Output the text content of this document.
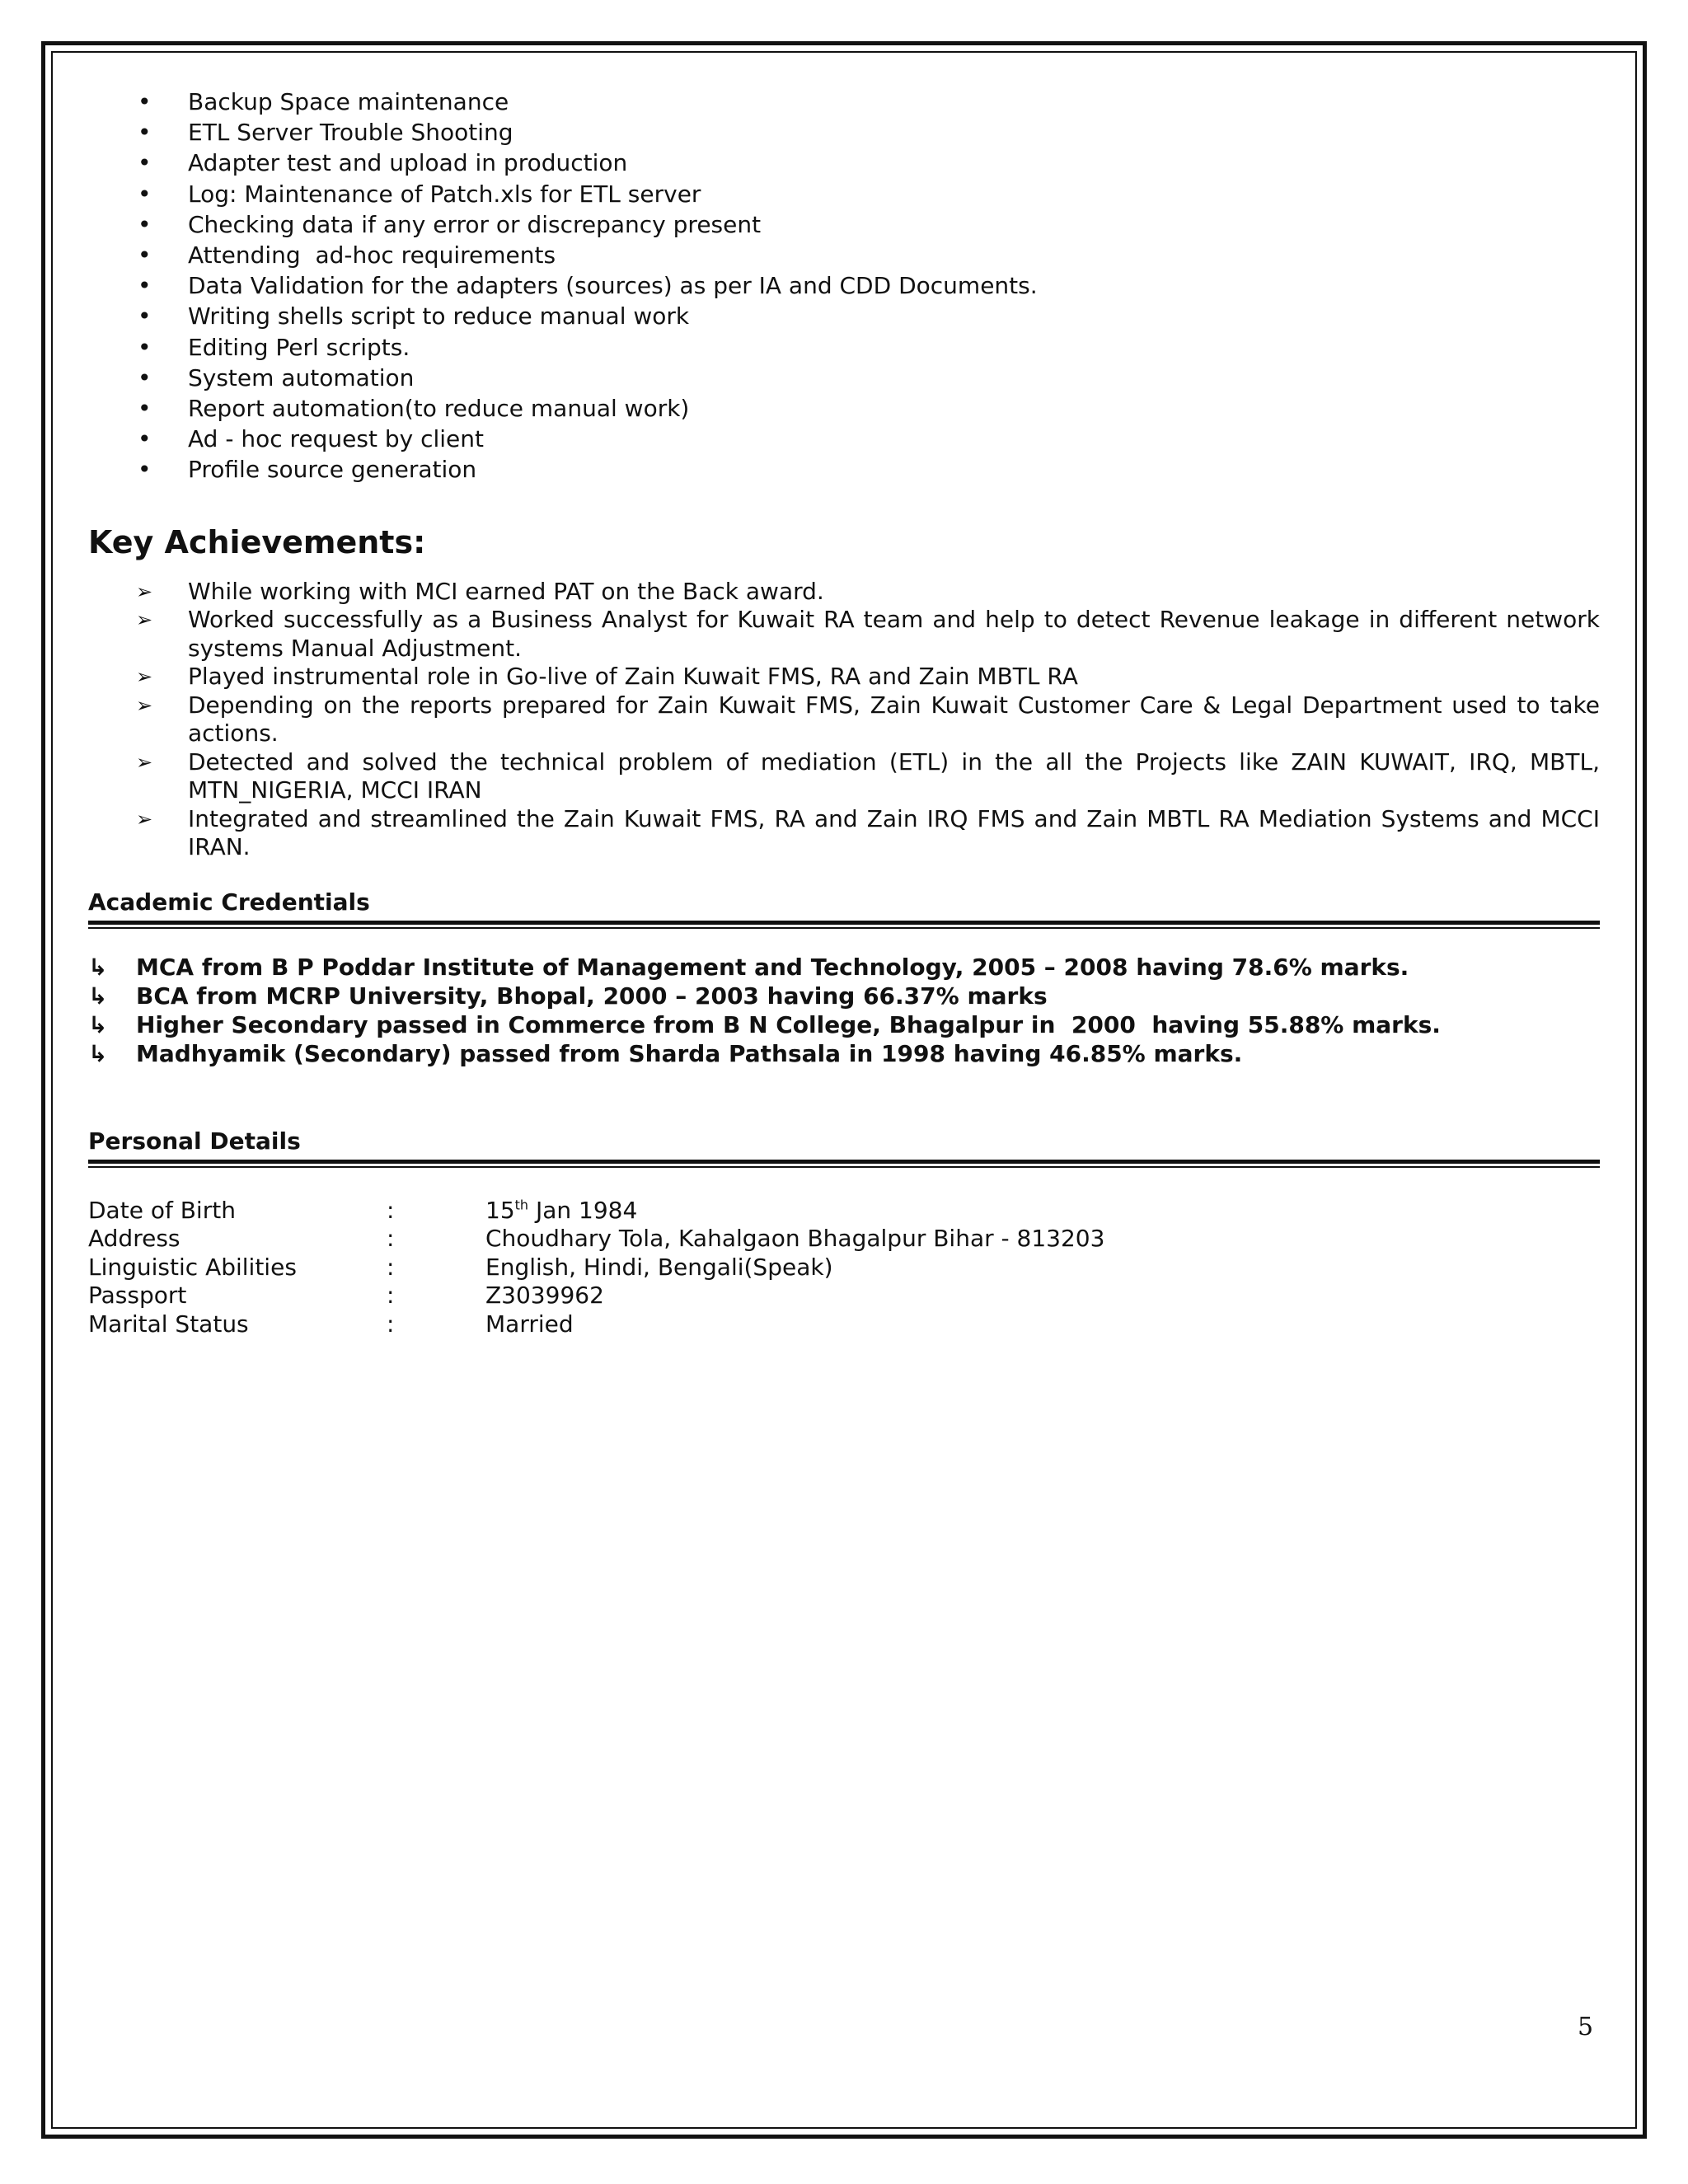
• Backup Space maintenance
• ETL Server Trouble Shooting
• Adapter test and upload in production
• Log: Maintenance of Patch.xls for ETL server
• Checking data if any error or discrepancy present
• Attending  ad-hoc requirements
• Data Validation for the adapters (sources) as per IA and CDD Documents.
• Writing shells script to reduce manual work
• Editing Perl scripts.
• System automation
• Report automation(to reduce manual work)
• Ad - hoc request by client
• Profile source generation
Key Achievements:
➢ While working with MCI earned PAT on the Back award.
➢ Worked successfully as a Business Analyst for Kuwait RA team and help to detect Revenue leakage in different network systems Manual Adjustment.
➢ Played instrumental role in Go-live of Zain Kuwait FMS, RA and Zain MBTL RA
➢ Depending on the reports prepared for Zain Kuwait FMS, Zain Kuwait Customer Care & Legal Department used to take actions.
➢ Detected and solved the technical problem of mediation (ETL) in the all the Projects like ZAIN KUWAIT, IRQ, MBTL, MTN_NIGERIA, MCCI IRAN
➢ Integrated and streamlined the Zain Kuwait FMS, RA and Zain IRQ FMS and Zain MBTL RA Mediation Systems and MCCI IRAN.
Academic Credentials
↳ MCA from B P Poddar Institute of Management and Technology, 2005 – 2008 having 78.6% marks.
↳ BCA from MCRP University, Bhopal, 2000 – 2003 having 66.37% marks
↳ Higher Secondary passed in Commerce from B N College, Bhagalpur in  2000  having 55.88% marks.
↳ Madhyamik (Secondary) passed from Sharda Pathsala in 1998 having 46.85% marks.
Personal Details
Date of Birth	:	15th Jan 1984
Address	:	Choudhary Tola, Kahalgaon Bhagalpur Bihar - 813203
Linguistic Abilities	:	English, Hindi, Bengali(Speak)
Passport	:	Z3039962
Marital Status	:	Married
5
